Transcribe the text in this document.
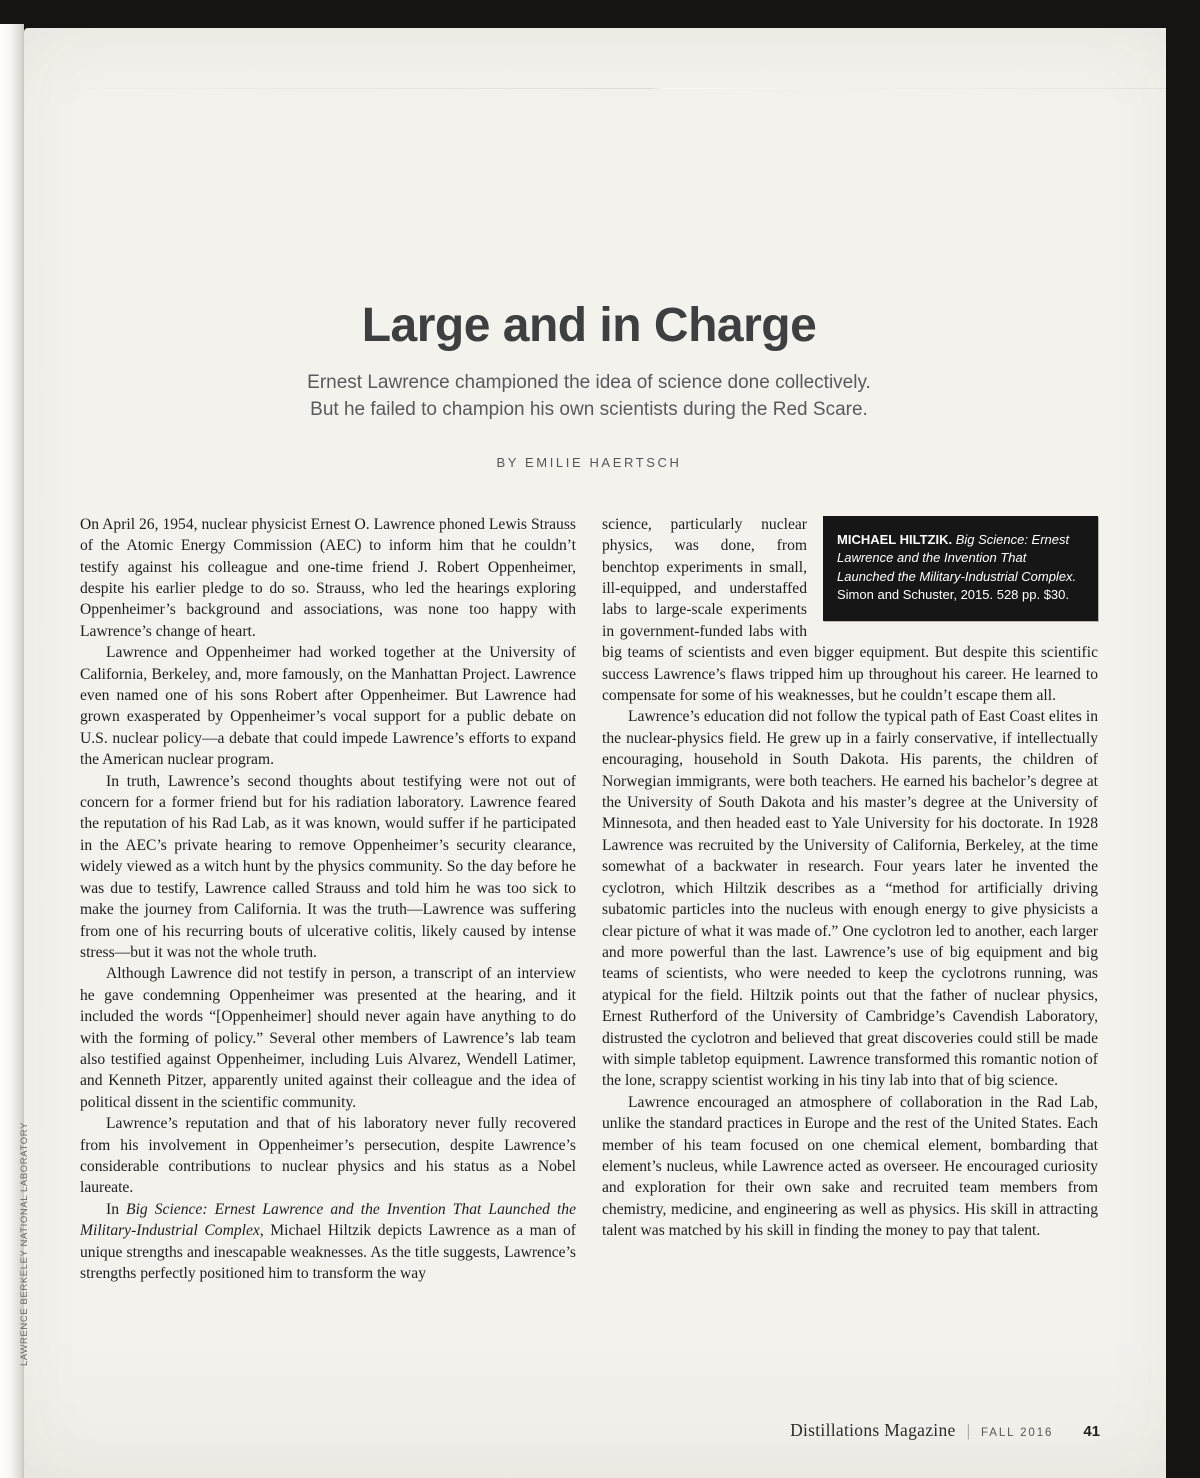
LAWRENCE BERKELEY NATIONAL LABORATORY
Large and in Charge
Ernest Lawrence championed the idea of science done collectively.
But he failed to champion his own scientists during the Red Scare.
BY EMILIE HAERTSCH

On April 26, 1954, nuclear physicist Ernest O. Lawrence phoned Lewis Strauss of the Atomic Energy Commission (AEC) to inform him that he couldn’t testify against his colleague and one-time friend J. Robert Oppenheimer, despite his earlier pledge to do so. Strauss, who led the hearings exploring Oppenheimer’s background and associations, was none too happy with Lawrence’s change of heart.

Lawrence and Oppenheimer had worked together at the University of California, Berkeley, and, more famously, on the Manhattan Project. Lawrence even named one of his sons Robert after Oppenheimer. But Lawrence had grown exasperated by Oppenheimer’s vocal support for a public debate on U.S. nuclear policy—a debate that could impede Lawrence’s efforts to expand the American nuclear program.

In truth, Lawrence’s second thoughts about testifying were not out of concern for a former friend but for his radiation laboratory. Lawrence feared the reputation of his Rad Lab, as it was known, would suffer if he participated in the AEC’s private hearing to remove Oppenheimer’s security clearance, widely viewed as a witch hunt by the physics community. So the day before he was due to testify, Lawrence called Strauss and told him he was too sick to make the journey from California. It was the truth—Lawrence was suffering from one of his recurring bouts of ulcerative colitis, likely caused by intense stress—but it was not the whole truth.

Although Lawrence did not testify in person, a transcript of an interview he gave condemning Oppenheimer was presented at the hearing, and it included the words “[Oppenheimer] should never again have anything to do with the forming of policy.” Several other members of Lawrence’s lab team also testified against Oppenheimer, including Luis Alvarez, Wendell Latimer, and Kenneth Pitzer, apparently united against their colleague and the idea of political dissent in the scientific community.

Lawrence’s reputation and that of his laboratory never fully recovered from his involvement in Oppenheimer’s persecution, despite Lawrence’s considerable contributions to nuclear physics and his status as a Nobel laureate.

In Big Science: Ernest Lawrence and the Invention That Launched the Military-Industrial Complex, Michael Hiltzik depicts Lawrence as a man of unique strengths and inescapable weaknesses. As the title suggests, Lawrence’s strengths perfectly positioned him to transform the way

MICHAEL HILTZIK. Big Science: Ernest Lawrence and the Invention That Launched the Military-Industrial Complex. Simon and Schuster, 2015. 528 pp. $30.

science, particularly nuclear physics, was done, from benchtop experiments in small, ill-equipped, and understaffed labs to large-scale experiments in government-funded labs with big teams of scientists and even bigger equipment. But despite this scientific success Lawrence’s flaws tripped him up throughout his career. He learned to compensate for some of his weaknesses, but he couldn’t escape them all.

Lawrence’s education did not follow the typical path of East Coast elites in the nuclear-physics field. He grew up in a fairly conservative, if intellectually encouraging, household in South Dakota. His parents, the children of Norwegian immigrants, were both teachers. He earned his bachelor’s degree at the University of South Dakota and his master’s degree at the University of Minnesota, and then headed east to Yale University for his doctorate. In 1928 Lawrence was recruited by the University of California, Berkeley, at the time somewhat of a backwater in research. Four years later he invented the cyclotron, which Hiltzik describes as a “method for artificially driving subatomic particles into the nucleus with enough energy to give physicists a clear picture of what it was made of.” One cyclotron led to another, each larger and more powerful than the last. Lawrence’s use of big equipment and big teams of scientists, who were needed to keep the cyclotrons running, was atypical for the field. Hiltzik points out that the father of nuclear physics, Ernest Rutherford of the University of Cambridge’s Cavendish Laboratory, distrusted the cyclotron and believed that great discoveries could still be made with simple tabletop equipment. Lawrence transformed this romantic notion of the lone, scrappy scientist working in his tiny lab into that of big science.

Lawrence encouraged an atmosphere of collaboration in the Rad Lab, unlike the standard practices in Europe and the rest of the United States. Each member of his team focused on one chemical element, bombarding that element’s nucleus, while Lawrence acted as overseer. He encouraged curiosity and exploration for their own sake and recruited team members from chemistry, medicine, and engineering as well as physics. His skill in attracting talent was matched by his skill in finding the money to pay that talent.

Distillations Magazine | FALL 2016 41
